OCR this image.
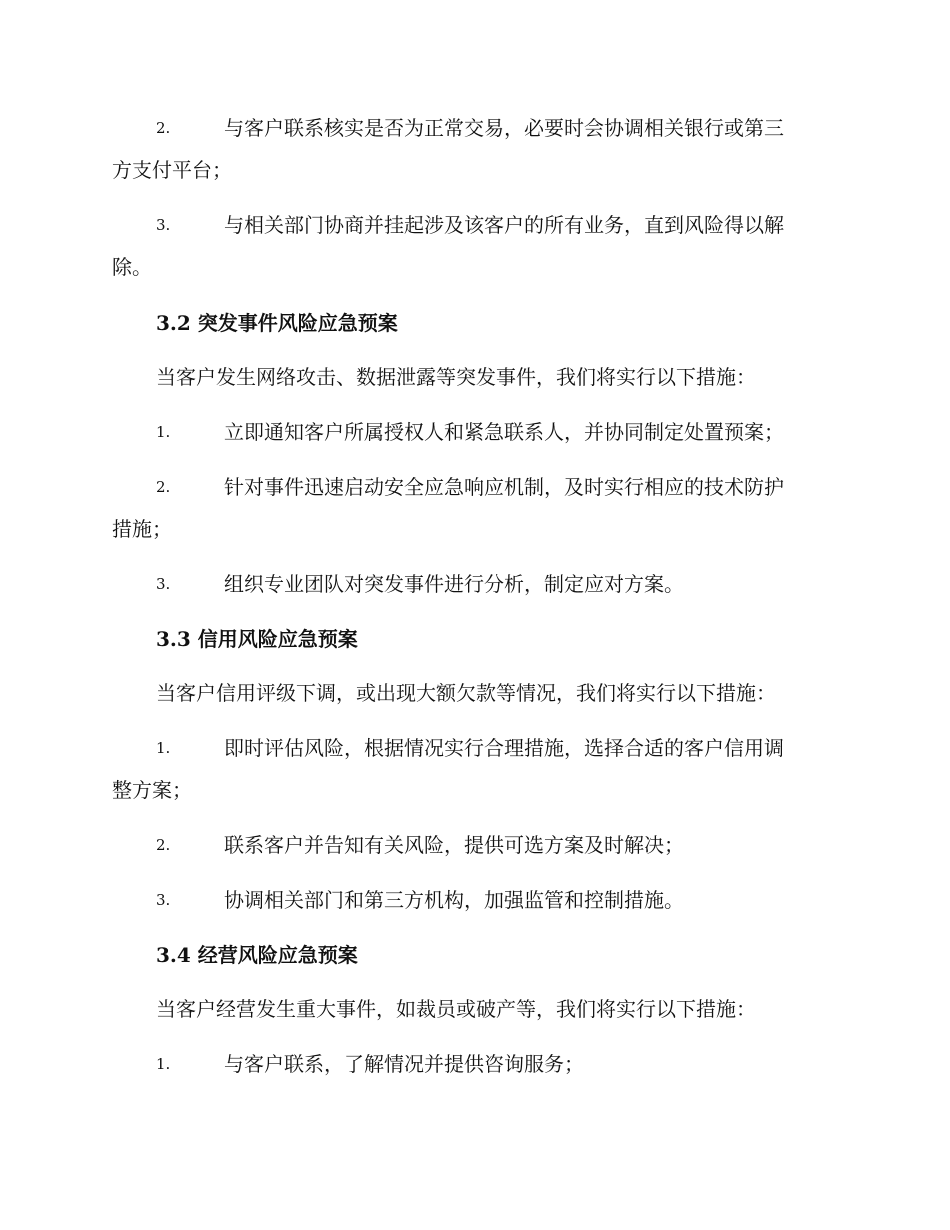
2.	与客户联系核实是否为正常交易，必要时会协调相关银行或第三
方支付平台；
3.	与相关部门协商并挂起涉及该客户的所有业务，直到风险得以解
除。
3.2 突发事件风险应急预案
当客户发生网络攻击、数据泄露等突发事件，我们将实行以下措施：
1.	立即通知客户所属授权人和紧急联系人，并协同制定处置预案；
2.	针对事件迅速启动安全应急响应机制，及时实行相应的技术防护
措施；
3.	组织专业团队对突发事件进行分析，制定应对方案。
3.3 信用风险应急预案
当客户信用评级下调，或出现大额欠款等情况，我们将实行以下措施：
1.	即时评估风险，根据情况实行合理措施，选择合适的客户信用调
整方案；
2.	联系客户并告知有关风险，提供可选方案及时解决；
3.	协调相关部门和第三方机构，加强监管和控制措施。
3.4 经营风险应急预案
当客户经营发生重大事件，如裁员或破产等，我们将实行以下措施：
1.	与客户联系，了解情况并提供咨询服务；
